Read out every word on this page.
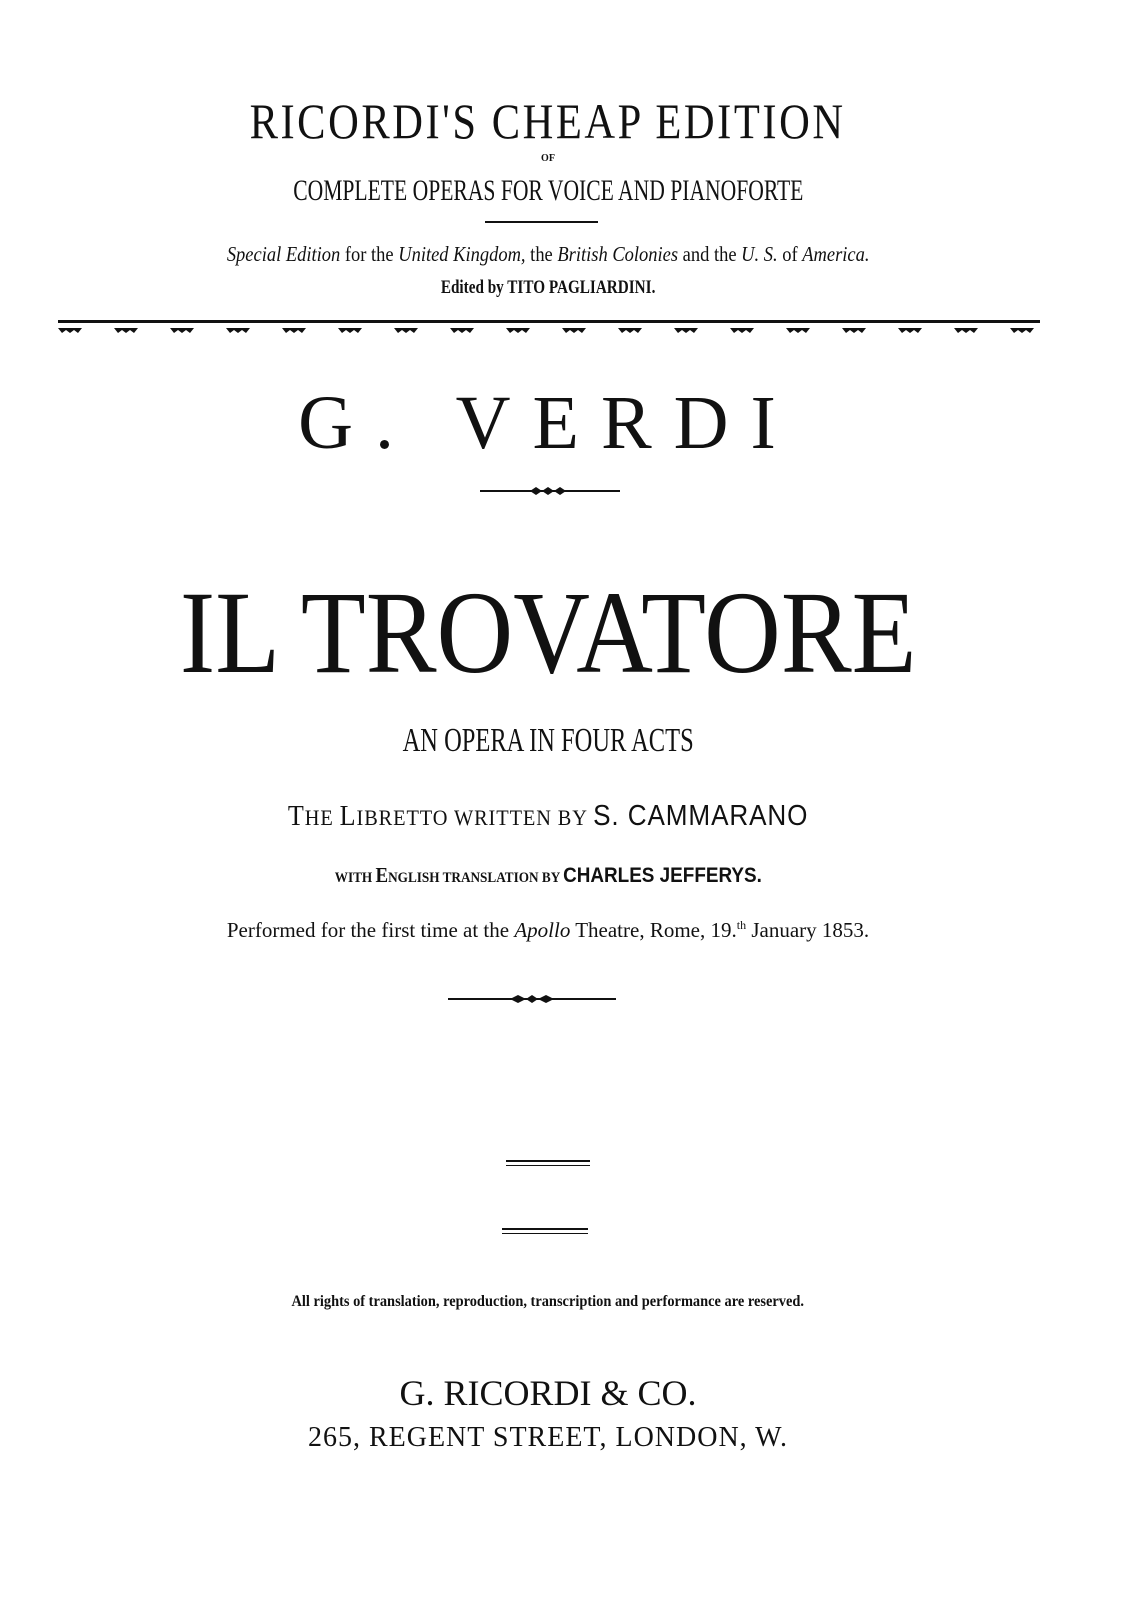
RICORDI'S CHEAP EDITION
OF
COMPLETE OPERAS FOR VOICE AND PIANOFORTE
Special Edition for the United Kingdom, the British Colonies and the U. S. of America.
Edited by TITO PAGLIARDINI.
G. VERDI
IL TROVATORE
AN OPERA IN FOUR ACTS
THE LIBRETTO WRITTEN BY S. CAMMARANO
WITH ENGLISH TRANSLATION BY CHARLES JEFFERYS.
Performed for the first time at the Apollo Theatre, Rome, 19.$^{th}$ January 1853.
All rights of translation, reproduction, transcription and performance are reserved.
G. RICORDI & CO.
265, REGENT STREET, LONDON, W.
